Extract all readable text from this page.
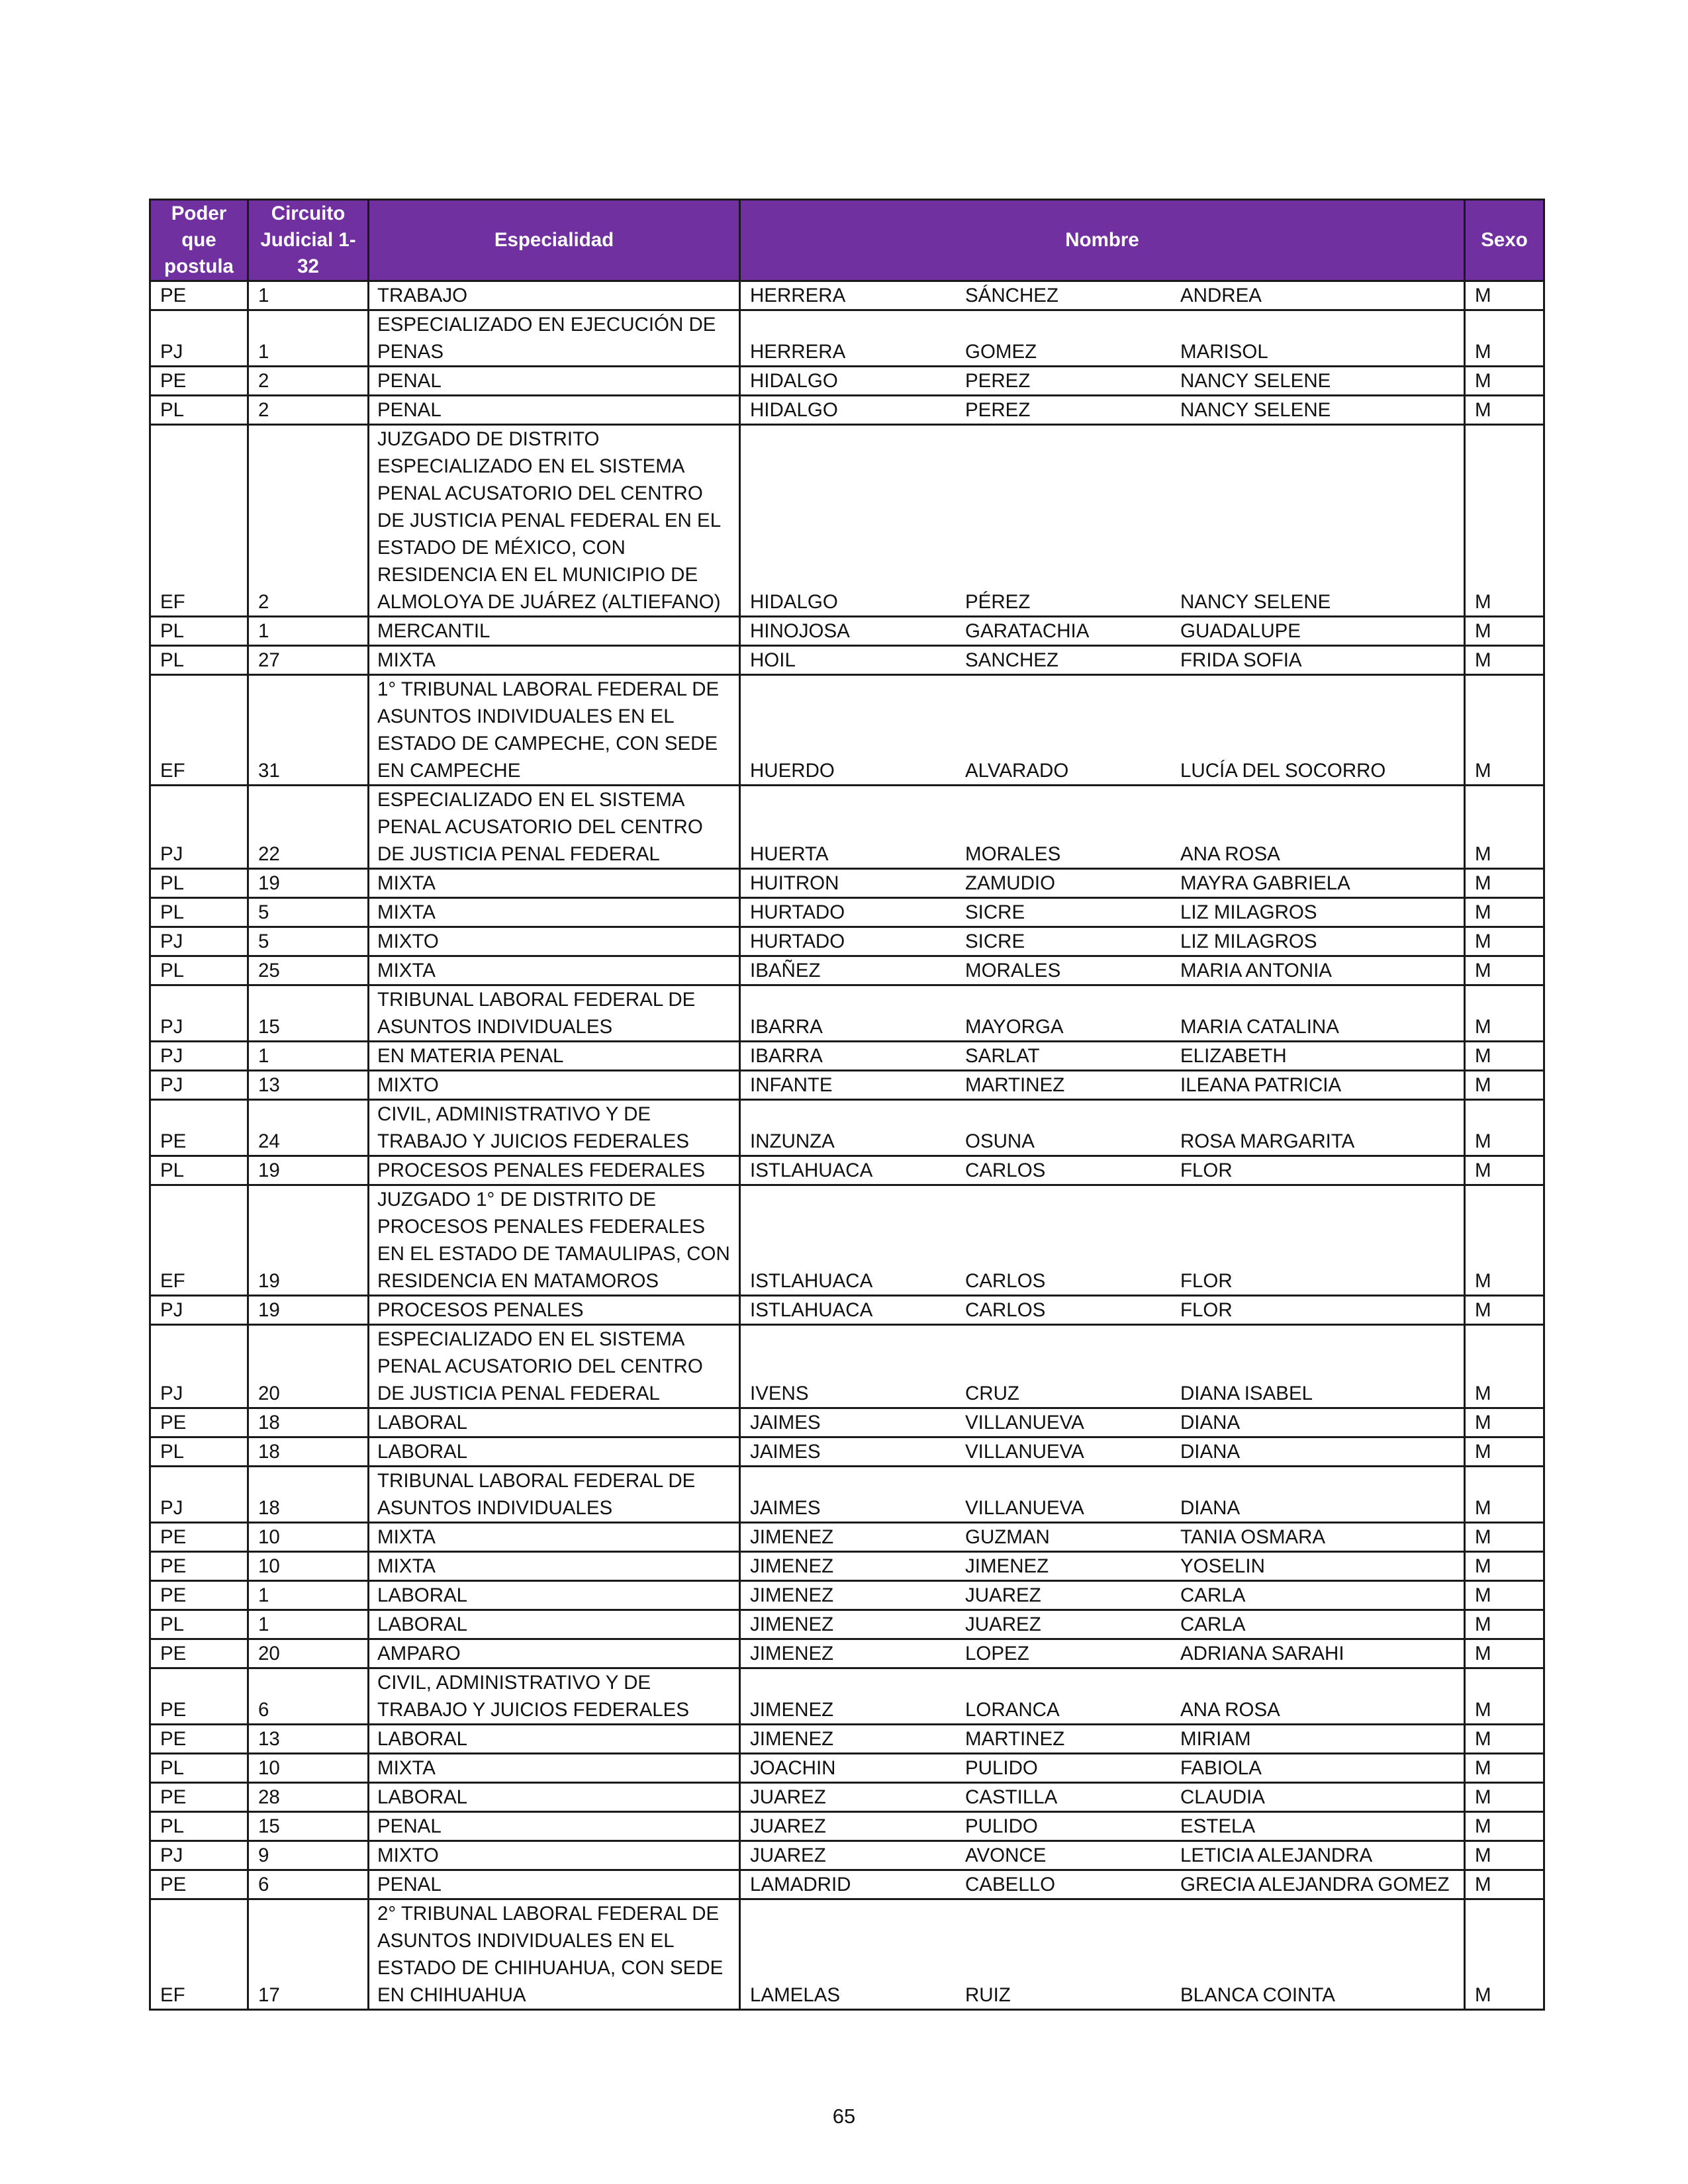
Poder que postula	Circuito Judicial 1-32	Especialidad	Nombre	Sexo
PE	1	TRABAJO	HERRERA SÁNCHEZ ANDREA	M
PJ	1	ESPECIALIZADO EN EJECUCIÓN DE PENAS	HERRERA GOMEZ MARISOL	M
PE	2	PENAL	HIDALGO PEREZ NANCY SELENE	M
PL	2	PENAL	HIDALGO PEREZ NANCY SELENE	M
EF	2	JUZGADO DE DISTRITO ESPECIALIZADO EN EL SISTEMA PENAL ACUSATORIO DEL CENTRO DE JUSTICIA PENAL FEDERAL EN EL ESTADO DE MÉXICO, CON RESIDENCIA EN EL MUNICIPIO DE ALMOLOYA DE JUÁREZ (ALTIEFANO)	HIDALGO PÉREZ NANCY SELENE	M
PL	1	MERCANTIL	HINOJOSA GARATACHIA GUADALUPE	M
PL	27	MIXTA	HOIL SANCHEZ FRIDA SOFIA	M
EF	31	1° TRIBUNAL LABORAL FEDERAL DE ASUNTOS INDIVIDUALES EN EL ESTADO DE CAMPECHE, CON SEDE EN CAMPECHE	HUERDO ALVARADO LUCÍA DEL SOCORRO	M
PJ	22	ESPECIALIZADO EN EL SISTEMA PENAL ACUSATORIO DEL CENTRO DE JUSTICIA PENAL FEDERAL	HUERTA MORALES ANA ROSA	M
PL	19	MIXTA	HUITRON ZAMUDIO MAYRA GABRIELA	M
PL	5	MIXTA	HURTADO SICRE LIZ MILAGROS	M
PJ	5	MIXTO	HURTADO SICRE LIZ MILAGROS	M
PL	25	MIXTA	IBAÑEZ MORALES MARIA ANTONIA	M
PJ	15	TRIBUNAL LABORAL FEDERAL DE ASUNTOS INDIVIDUALES	IBARRA MAYORGA MARIA CATALINA	M
PJ	1	EN MATERIA PENAL	IBARRA SARLAT ELIZABETH	M
PJ	13	MIXTO	INFANTE MARTINEZ ILEANA PATRICIA	M
PE	24	CIVIL, ADMINISTRATIVO Y DE TRABAJO Y JUICIOS FEDERALES	INZUNZA OSUNA ROSA MARGARITA	M
PL	19	PROCESOS PENALES FEDERALES	ISTLAHUACA CARLOS FLOR	M
EF	19	JUZGADO 1° DE DISTRITO DE PROCESOS PENALES FEDERALES EN EL ESTADO DE TAMAULIPAS, CON RESIDENCIA EN MATAMOROS	ISTLAHUACA CARLOS FLOR	M
PJ	19	PROCESOS PENALES	ISTLAHUACA CARLOS FLOR	M
PJ	20	ESPECIALIZADO EN EL SISTEMA PENAL ACUSATORIO DEL CENTRO DE JUSTICIA PENAL FEDERAL	IVENS CRUZ DIANA ISABEL	M
PE	18	LABORAL	JAIMES VILLANUEVA DIANA	M
PL	18	LABORAL	JAIMES VILLANUEVA DIANA	M
PJ	18	TRIBUNAL LABORAL FEDERAL DE ASUNTOS INDIVIDUALES	JAIMES VILLANUEVA DIANA	M
PE	10	MIXTA	JIMENEZ GUZMAN TANIA OSMARA	M
PE	10	MIXTA	JIMENEZ JIMENEZ YOSELIN	M
PE	1	LABORAL	JIMENEZ JUAREZ CARLA	M
PL	1	LABORAL	JIMENEZ JUAREZ CARLA	M
PE	20	AMPARO	JIMENEZ LOPEZ ADRIANA SARAHI	M
PE	6	CIVIL, ADMINISTRATIVO Y DE TRABAJO Y JUICIOS FEDERALES	JIMENEZ LORANCA ANA ROSA	M
PE	13	LABORAL	JIMENEZ MARTINEZ MIRIAM	M
PL	10	MIXTA	JOACHIN PULIDO FABIOLA	M
PE	28	LABORAL	JUAREZ CASTILLA CLAUDIA	M
PL	15	PENAL	JUAREZ PULIDO ESTELA	M
PJ	9	MIXTO	JUAREZ AVONCE LETICIA ALEJANDRA	M
PE	6	PENAL	LAMADRID CABELLO GRECIA ALEJANDRA GOMEZ	M
EF	17	2° TRIBUNAL LABORAL FEDERAL DE ASUNTOS INDIVIDUALES EN EL ESTADO DE CHIHUAHUA, CON SEDE EN CHIHUAHUA	LAMELAS RUIZ BLANCA COINTA	M
65
